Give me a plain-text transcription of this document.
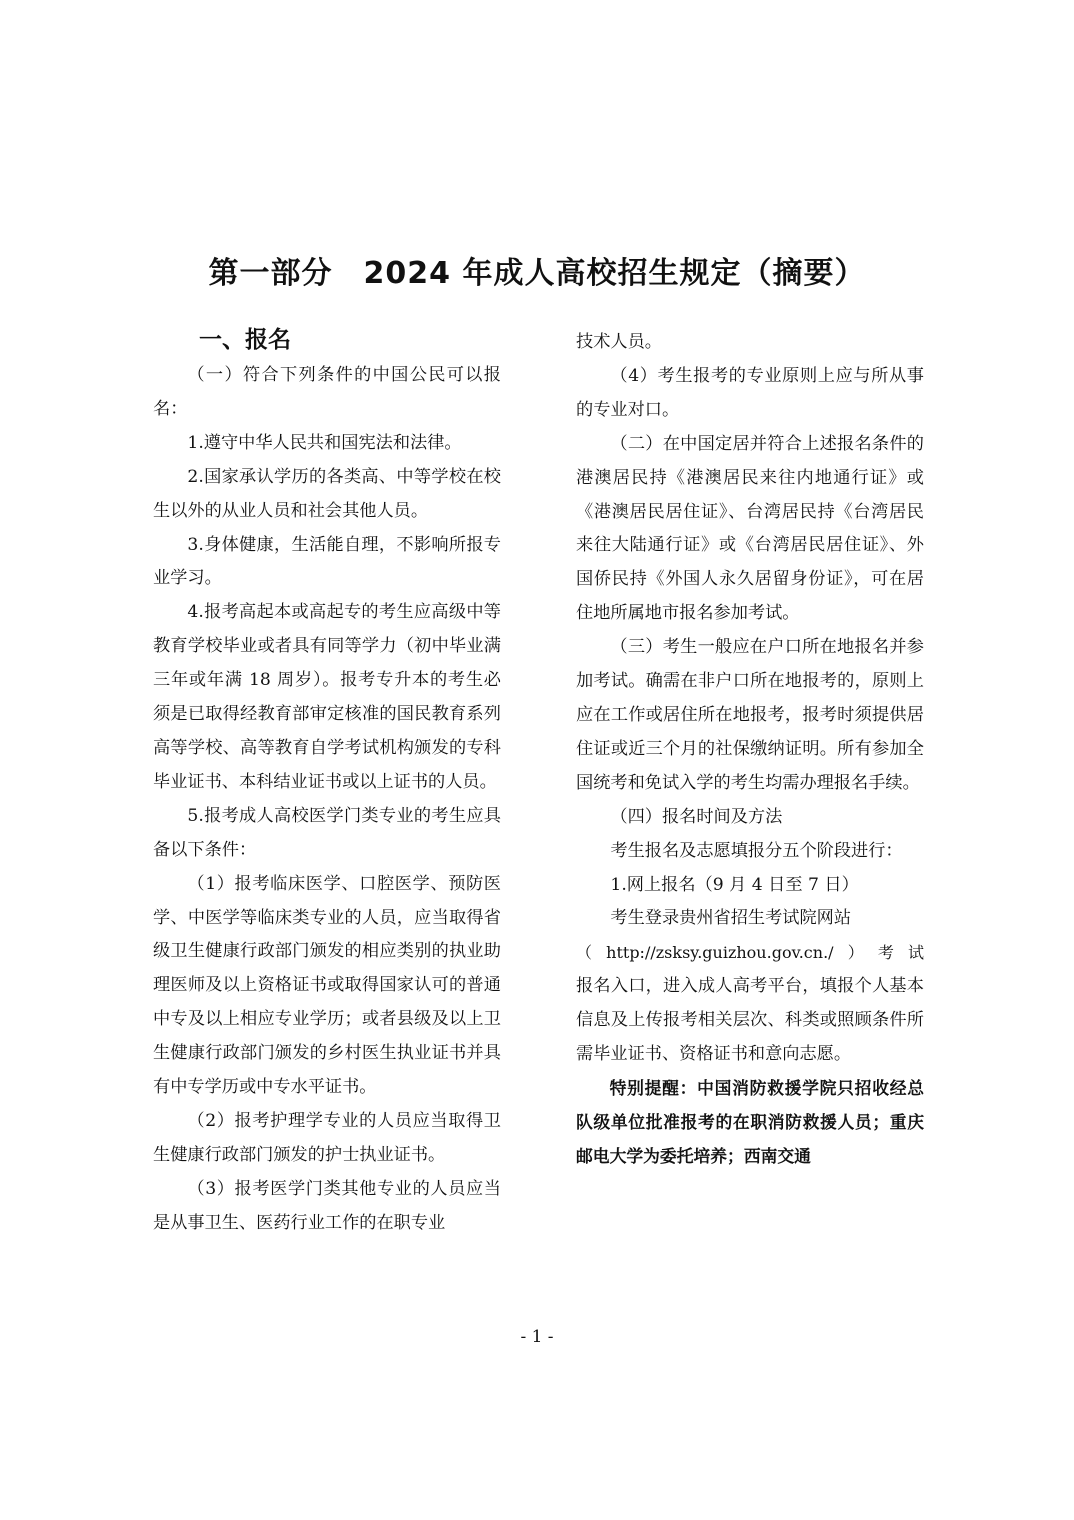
第一部分　2024 年成人高校招生规定（摘要）
一、报名

（一）符合下列条件的中国公民可以报名：

1.遵守中华人民共和国宪法和法律。

2.国家承认学历的各类高、中等学校在校生以外的从业人员和社会其他人员。

3.身体健康，生活能自理，不影响所报专业学习。

4.报考高起本或高起专的考生应高级中等教育学校毕业或者具有同等学力（初中毕业满三年或年满 18 周岁）。报考专升本的考生必须是已取得经教育部审定核准的国民教育系列高等学校、高等教育自学考试机构颁发的专科毕业证书、本科结业证书或以上证书的人员。

5.报考成人高校医学门类专业的考生应具备以下条件：

（1）报考临床医学、口腔医学、预防医学、中医学等临床类专业的人员，应当取得省级卫生健康行政部门颁发的相应类别的执业助理医师及以上资格证书或取得国家认可的普通中专及以上相应专业学历；或者县级及以上卫生健康行政部门颁发的乡村医生执业证书并具有中专学历或中专水平证书。

（2）报考护理学专业的人员应当取得卫生健康行政部门颁发的护士执业证书。

（3）报考医学门类其他专业的人员应当是从事卫生、医药行业工作的在职专业

技术人员。

（4）考生报考的专业原则上应与所从事的专业对口。

（二）在中国定居并符合上述报名条件的港澳居民持《港澳居民来往内地通行证》或《港澳居民居住证》、台湾居民持《台湾居民来往大陆通行证》或《台湾居民居住证》、外国侨民持《外国人永久居留身份证》，可在居住地所属地市报名参加考试。

（三）考生一般应在户口所在地报名并参加考试。确需在非户口所在地报考的，原则上应在工作或居住所在地报考，报考时须提供居住证或近三个月的社保缴纳证明。所有参加全国统考和免试入学的考生均需办理报名手续。

（四）报名时间及方法

考生报名及志愿填报分五个阶段进行：

1.网上报名（9 月 4 日至 7 日）

考生登录贵州省招生考试院网站

（http://zsksy.guizhou.gov.cn./）考试

报名入口，进入成人高考平台，填报个人基本信息及上传报考相关层次、科类或照顾条件所需毕业证书、资格证书和意向志愿。

特别提醒：中国消防救援学院只招收经总队级单位批准报考的在职消防救援人员；重庆邮电大学为委托培养；西南交通

- 1 -
